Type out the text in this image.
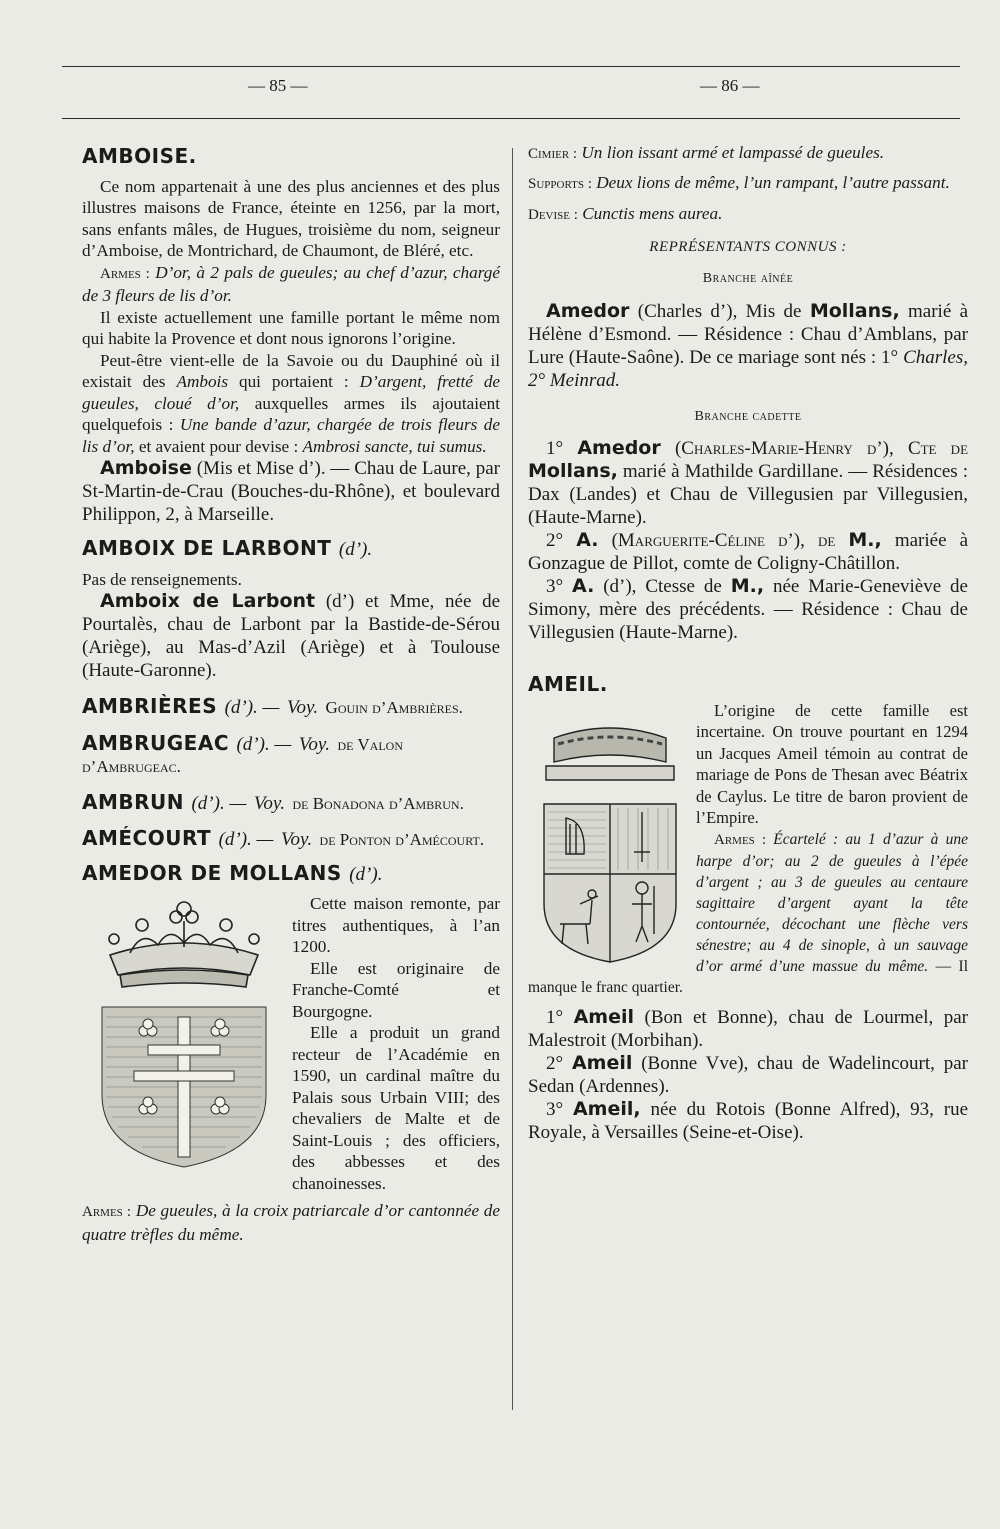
— 85 —	— 86 —
AMBOISE.

Ce nom appartenait à une des plus anciennes et des plus illustres maisons de France, éteinte en 1256, par la mort, sans enfants mâles, de Hugues, troisième du nom, seigneur d’Amboise, de Montrichard, de Chaumont, de Bléré, etc.

Armes : D’or, à 2 pals de gueules; au chef d’azur, chargé de 3 fleurs de lis d’or.

Il existe actuellement une famille portant le même nom qui habite la Provence et dont nous ignorons l’origine.

Peut-être vient-elle de la Savoie ou du Dauphiné où il existait des Ambois qui portaient : D’argent, fretté de gueules, cloué d’or, auxquelles armes ils ajoutaient quelquefois : Une bande d’azur, chargée de trois fleurs de lis d’or, et avaient pour devise : Ambrosi sancte, tui sumus.

Amboise (Mis et Mise d’). — Chau de Laure, par St-Martin-de-Crau (Bouches-du-Rhône), et boulevard Philippon, 2, à Marseille.

AMBOIX DE LARBONT (d’).

Pas de renseignements.

Amboix de Larbont (d’) et Mme, née de Pourtalès, chau de Larbont par la Bastide-de-Sérou (Ariège), au Mas-d’Azil (Ariège) et à Toulouse (Haute-Garonne).

AMBRIÈRES (d’). — Voy. Gouin d’Ambrières.
AMBRUGEAC (d’). — Voy. de Valon d’Ambrugeac.
AMBRUN (d’). — Voy. de Bonadona d’Ambrun.
AMÉCOURT (d’). — Voy. de Ponton d’Amécourt.
AMEDOR DE MOLLANS (d’).

Cette maison remonte, par titres authentiques, à l’an 1200.

Elle est originaire de Franche-Comté et Bourgogne.

Elle a produit un grand recteur de l’Académie en 1590, un cardinal maître du Palais sous Urbain VIII; des chevaliers de Malte et de Saint-Louis ; des officiers, des abbesses et des chanoinesses.

Armes : De gueules, à la croix patriarcale d’or cantonnée de quatre trèfles du même.

Cimier : Un lion issant armé et lampassé de gueules.

Supports : Deux lions de même, l’un rampant, l’autre passant.

Devise : Cunctis mens aurea.

REPRÉSENTANTS CONNUS :
Branche aînée

Amedor (Charles d’), Mis de Mollans, marié à Hélène d’Esmond. — Résidence : Chau d’Amblans, par Lure (Haute-Saône). De ce mariage sont nés : 1° Charles, 2° Meinrad.

Branche cadette

1° Amedor (Charles-Marie-Henry d’), Cte de Mollans, marié à Mathilde Gardillane. — Résidences : Dax (Landes) et Chau de Villegusien par Villegusien, (Haute-Marne).

2° A. (Marguerite-Céline d’), de M., mariée à Gonzague de Pillot, comte de Coligny-Châtillon.

3° A. (d’), Ctesse de M., née Marie-Geneviève de Simony, mère des précédents. — Résidence : Chau de Villegusien (Haute-Marne).

AMEIL.

L’origine de cette famille est incertaine. On trouve pourtant en 1294 un Jacques Ameil témoin au contrat de mariage de Pons de Thesan avec Béatrix de Caylus. Le titre de baron provient de l’Empire.

Armes : Écartelé : au 1 d’azur à une harpe d’or; au 2 de gueules à l’épée d’argent ; au 3 de gueules au centaure sagittaire d’argent ayant la tête contournée, décochant une flèche vers sénestre; au 4 de sinople, à un sauvage d’or armé d’une massue du même. — Il manque le franc quartier.

1° Ameil (Bon et Bonne), chau de Lourmel, par Malestroit (Morbihan).

2° Ameil (Bonne Vve), chau de Wadelincourt, par Sedan (Ardennes).

3° Ameil, née du Rotois (Bonne Alfred), 93, rue Royale, à Versailles (Seine-et-Oise).
